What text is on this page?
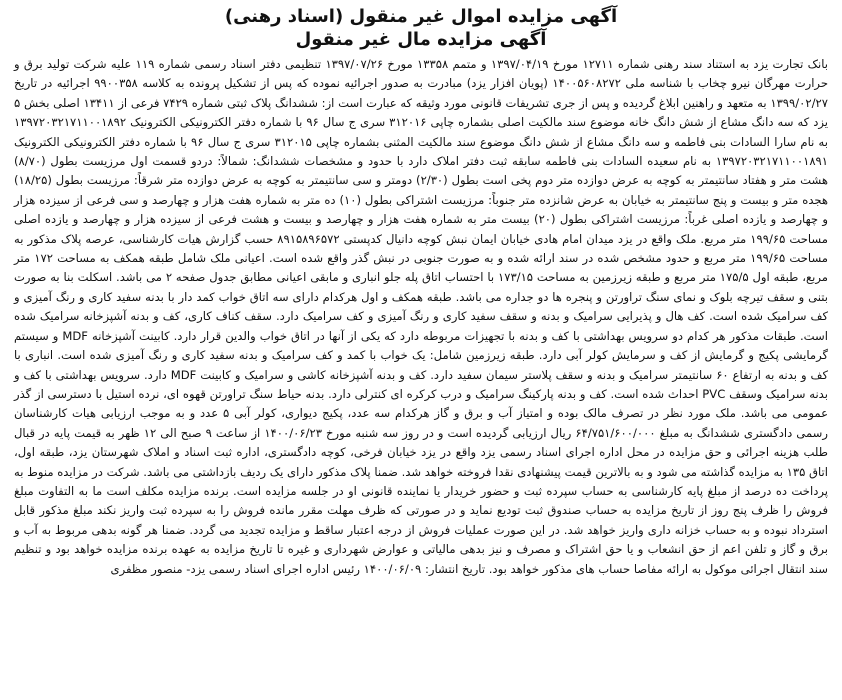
آگهی مزایده اموال غیر منقول (اسناد رهنی)
آگهی مزایده مال غیر منقول

بانک تجارت یزد به استناد سند رهنی شماره ۱۲۷۱۱ مورخ ۱۳۹۷/۰۴/۱۹ و متمم ۱۳۳۵۸ مورخ ۱۳۹۷/۰۷/۲۶ تنظیمی دفتر اسناد رسمی شماره ۱۱۹ علیه شرکت تولید برق و حرارت مهرگان نیرو چخاب با شناسه ملی ۱۴۰۰۵۶۰۸۲۷۲ (پویان افزار یزد) مبادرت به صدور اجرائیه نموده که پس از تشکیل پرونده به کلاسه ۹۹۰۰۳۵۸ اجرائیه در تاریخ ۱۳۹۹/۰۲/۲۷ به متعهد و راهنین ابلاغ گردیده و پس از جری تشریفات قانونی مورد وثیقه که عبارت است از: ششدانگ پلاک ثبتی شماره ۷۴۲۹ فرعی از ۱۳۴۱۱ اصلی بخش ۵ یزد که سه دانگ مشاع از شش دانگ خانه موضوع سند مالکیت اصلی بشماره چاپی ۳۱۲۰۱۶ سری ج سال ۹۶ با شماره دفتر الکترونیکی الکترونیک ۱۳۹۷۲۰۳۲۱۷۱۱۰۰۱۸۹۲ به نام سارا السادات بنی فاطمه و سه دانگ مشاع از شش دانگ موضوع سند مالکیت المثنی بشماره چاپی ۳۱۲۰۱۵ سری ج سال ۹۶ با شماره دفتر الکترونیکی الکترونیک ۱۳۹۷۲۰۳۲۱۷۱۱۰۰۱۸۹۱ به نام سعیده السادات بنی فاطمه سابقه ثبت دفتر املاک دارد با حدود و مشخصات ششدانگ: شمالاً: دردو قسمت اول مرزیست بطول (۸/۷۰) هشت متر و هفتاد سانتیمتر به کوچه به عرض دوازده متر دوم پخی است بطول (۲/۳۰) دومتر و سی سانتیمتر به کوچه به عرض دوازده متر شرقاً: مرزیست بطول (۱۸/۲۵) هجده متر و بیست و پنج سانتیمتر به خیابان به عرض شانزده متر جنوباً: مرزیست اشتراکی بطول (۱۰) ده متر به شماره هفت هزار و چهارصد و سی فرعی از سیزده هزار و چهارصد و یازده اصلی غرباً: مرزیست اشتراکی بطول (۲۰) بیست متر به شماره هفت هزار و چهارصد و بیست و هشت فرعی از سیزده هزار و چهارصد و یازده اصلی مساحت ۱۹۹/۶۵ متر مربع. ملک واقع در یزد میدان امام هادی خیابان ایمان نبش کوچه دانیال کدپستی ۸۹۱۵۸۹۶۵۷۲ حسب گزارش هیات کارشناسی، عرصه پلاک مذکور به مساحت ۱۹۹/۶۵ متر مربع و حدود مشخص شده در سند ارائه شده و به صورت جنوبی در نبش گذر واقع شده است. اعیانی ملک شامل طبقه همکف به مساحت ۱۷۲ متر مربع، طبقه اول ۱۷۵/۵ متر مربع و طبقه زیرزمین به مساحت ۱۷۳/۱۵ با احتساب اتاق پله جلو انباری و مابقی اعیانی مطابق جدول صفحه ۲ می باشد. اسکلت بنا به صورت بتنی و سقف تیرچه بلوک و نمای سنگ تراورتن و پنجره ها دو جداره می باشد. طبقه همکف و اول هرکدام دارای سه اتاق خواب کمد دار با بدنه سفید کاری و رنگ آمیزی و کف سرامیک شده است. کف هال و پذیرایی سرامیک و بدنه و سقف سفید کاری و رنگ آمیزی و کف سرامیک دارد. سقف کناف کاری، کف و بدنه آشپزخانه سرامیک شده است. طبقات مذکور هر کدام دو سرویس بهداشتی با کف و بدنه با تجهیزات مربوطه دارد که یکی از آنها در اتاق خواب والدین قرار دارد. کابینت آشپزخانه MDF و سیستم گرمایشی پکیج و گرمایش از کف و سرمایش کولر آبی دارد. طبقه زیرزمین شامل: یک خواب با کمد و کف سرامیک و بدنه سفید کاری و رنگ آمیزی شده است. انباری با کف و بدنه به ارتفاع ۶۰ سانتیمتر سرامیک و بدنه و سقف پلاستر سیمان سفید دارد. کف و بدنه آشپزخانه کاشی و سرامیک و کابینت MDF دارد. سرویس بهداشتی با کف و بدنه سرامیک وسقف PVC احداث شده است. کف و بدنه پارکینگ سرامیک و درب کرکره ای کنترلی دارد. بدنه حیاط سنگ تراورتن قهوه ای، نرده استیل با دسترسی از گذر عمومی می باشد. ملک مورد نظر در تصرف مالک بوده و امتیاز آب و برق و گاز هرکدام سه عدد، پکیج دیواری، کولر آبی ۵ عدد و به موجب ارزیابی هیات کارشناسان رسمی دادگستری ششدانگ به مبلغ ۶۴/۷۵۱/۶۰۰/۰۰۰ ریال ارزیابی گردیده است و در روز سه شنبه مورخ ۱۴۰۰/۰۶/۲۳ از ساعت ۹ صبح الی ۱۲ ظهر به قیمت پایه در قبال طلب هزینه اجرائی و حق مزایده در محل اداره اجرای اسناد رسمی یزد واقع در یزد خیابان فرخی، کوچه دادگستری، اداره ثبت اسناد و املاک شهرستان یزد، طبقه اول، اتاق ۱۳۵ به مزایده گذاشته می شود و به بالاترین قیمت پیشنهادی نقدا فروخته خواهد شد. ضمنا پلاک مذکور دارای یک ردیف بازداشتی می باشد. شرکت در مزایده منوط به پرداخت ده درصد از مبلغ پایه کارشناسی به حساب سپرده ثبت و حضور خریدار یا نماینده قانونی او در جلسه مزایده است. برنده مزایده مکلف است ما به التفاوت مبلغ فروش را ظرف پنج روز از تاریخ مزایده به حساب صندوق ثبت تودیع نماید و در صورتی که ظرف مهلت مقرر مانده فروش را به سپرده ثبت واریز نکند مبلغ مذکور قابل استرداد نبوده و به حساب خزانه داری واریز خواهد شد. در این صورت عملیات فروش از درجه اعتبار ساقط و مزایده تجدید می گردد. ضمنا هر گونه بدهی مربوط به آب و برق و گاز و تلفن اعم از حق انشعاب و یا حق اشتراک و مصرف و نیز بدهی مالیاتی و عوارض شهرداری و غیره تا تاریخ مزایده به عهده برنده مزایده خواهد بود و تنظیم سند انتقال اجرائی موکول به ارائه مفاصا حساب های مذکور خواهد بود. تاریخ انتشار: ۱۴۰۰/۰۶/۰۹ رئیس اداره اجرای اسناد رسمی یزد- منصور مظفری
